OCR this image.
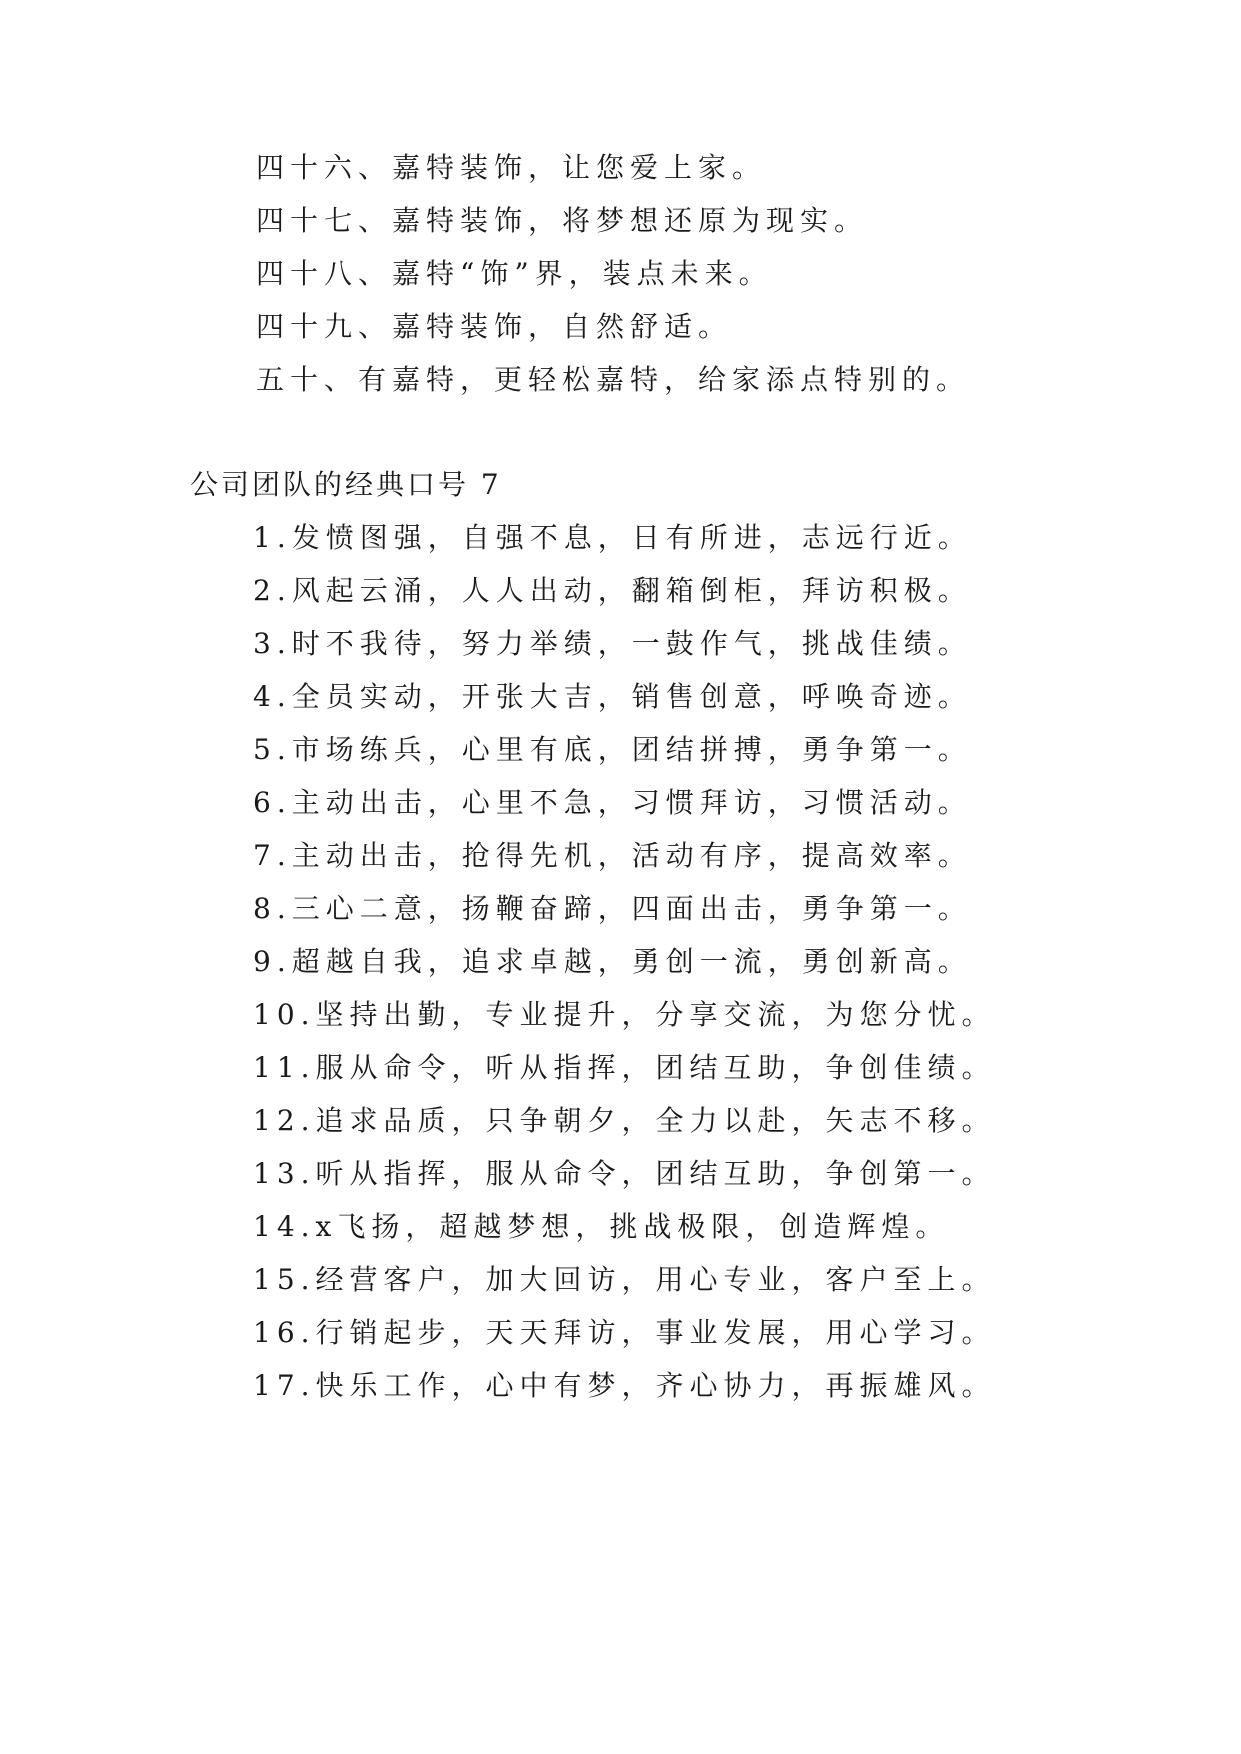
四十六、嘉特装饰，让您爱上家。

四十七、嘉特装饰，将梦想还原为现实。

四十八、嘉特“饰”界，装点未来。

四十九、嘉特装饰，自然舒适。

五十、有嘉特，更轻松嘉特，给家添点特别的。

公司团队的经典口号 7

1.发愤图强，自强不息，日有所进，志远行近。

2.风起云涌，人人出动，翻箱倒柜，拜访积极。

3.时不我待，努力举绩，一鼓作气，挑战佳绩。

4.全员实动，开张大吉，销售创意，呼唤奇迹。

5.市场练兵，心里有底，团结拼搏，勇争第一。

6.主动出击，心里不急，习惯拜访，习惯活动。

7.主动出击，抢得先机，活动有序，提高效率。

8.三心二意，扬鞭奋蹄，四面出击，勇争第一。

9.超越自我，追求卓越，勇创一流，勇创新高。

10.坚持出勤，专业提升，分享交流，为您分忧。

11.服从命令，听从指挥，团结互助，争创佳绩。

12.追求品质，只争朝夕，全力以赴，矢志不移。

13.听从指挥，服从命令，团结互助，争创第一。

14.x飞扬，超越梦想，挑战极限，创造辉煌。

15.经营客户，加大回访，用心专业，客户至上。

16.行销起步，天天拜访，事业发展，用心学习。

17.快乐工作，心中有梦，齐心协力，再振雄风。
